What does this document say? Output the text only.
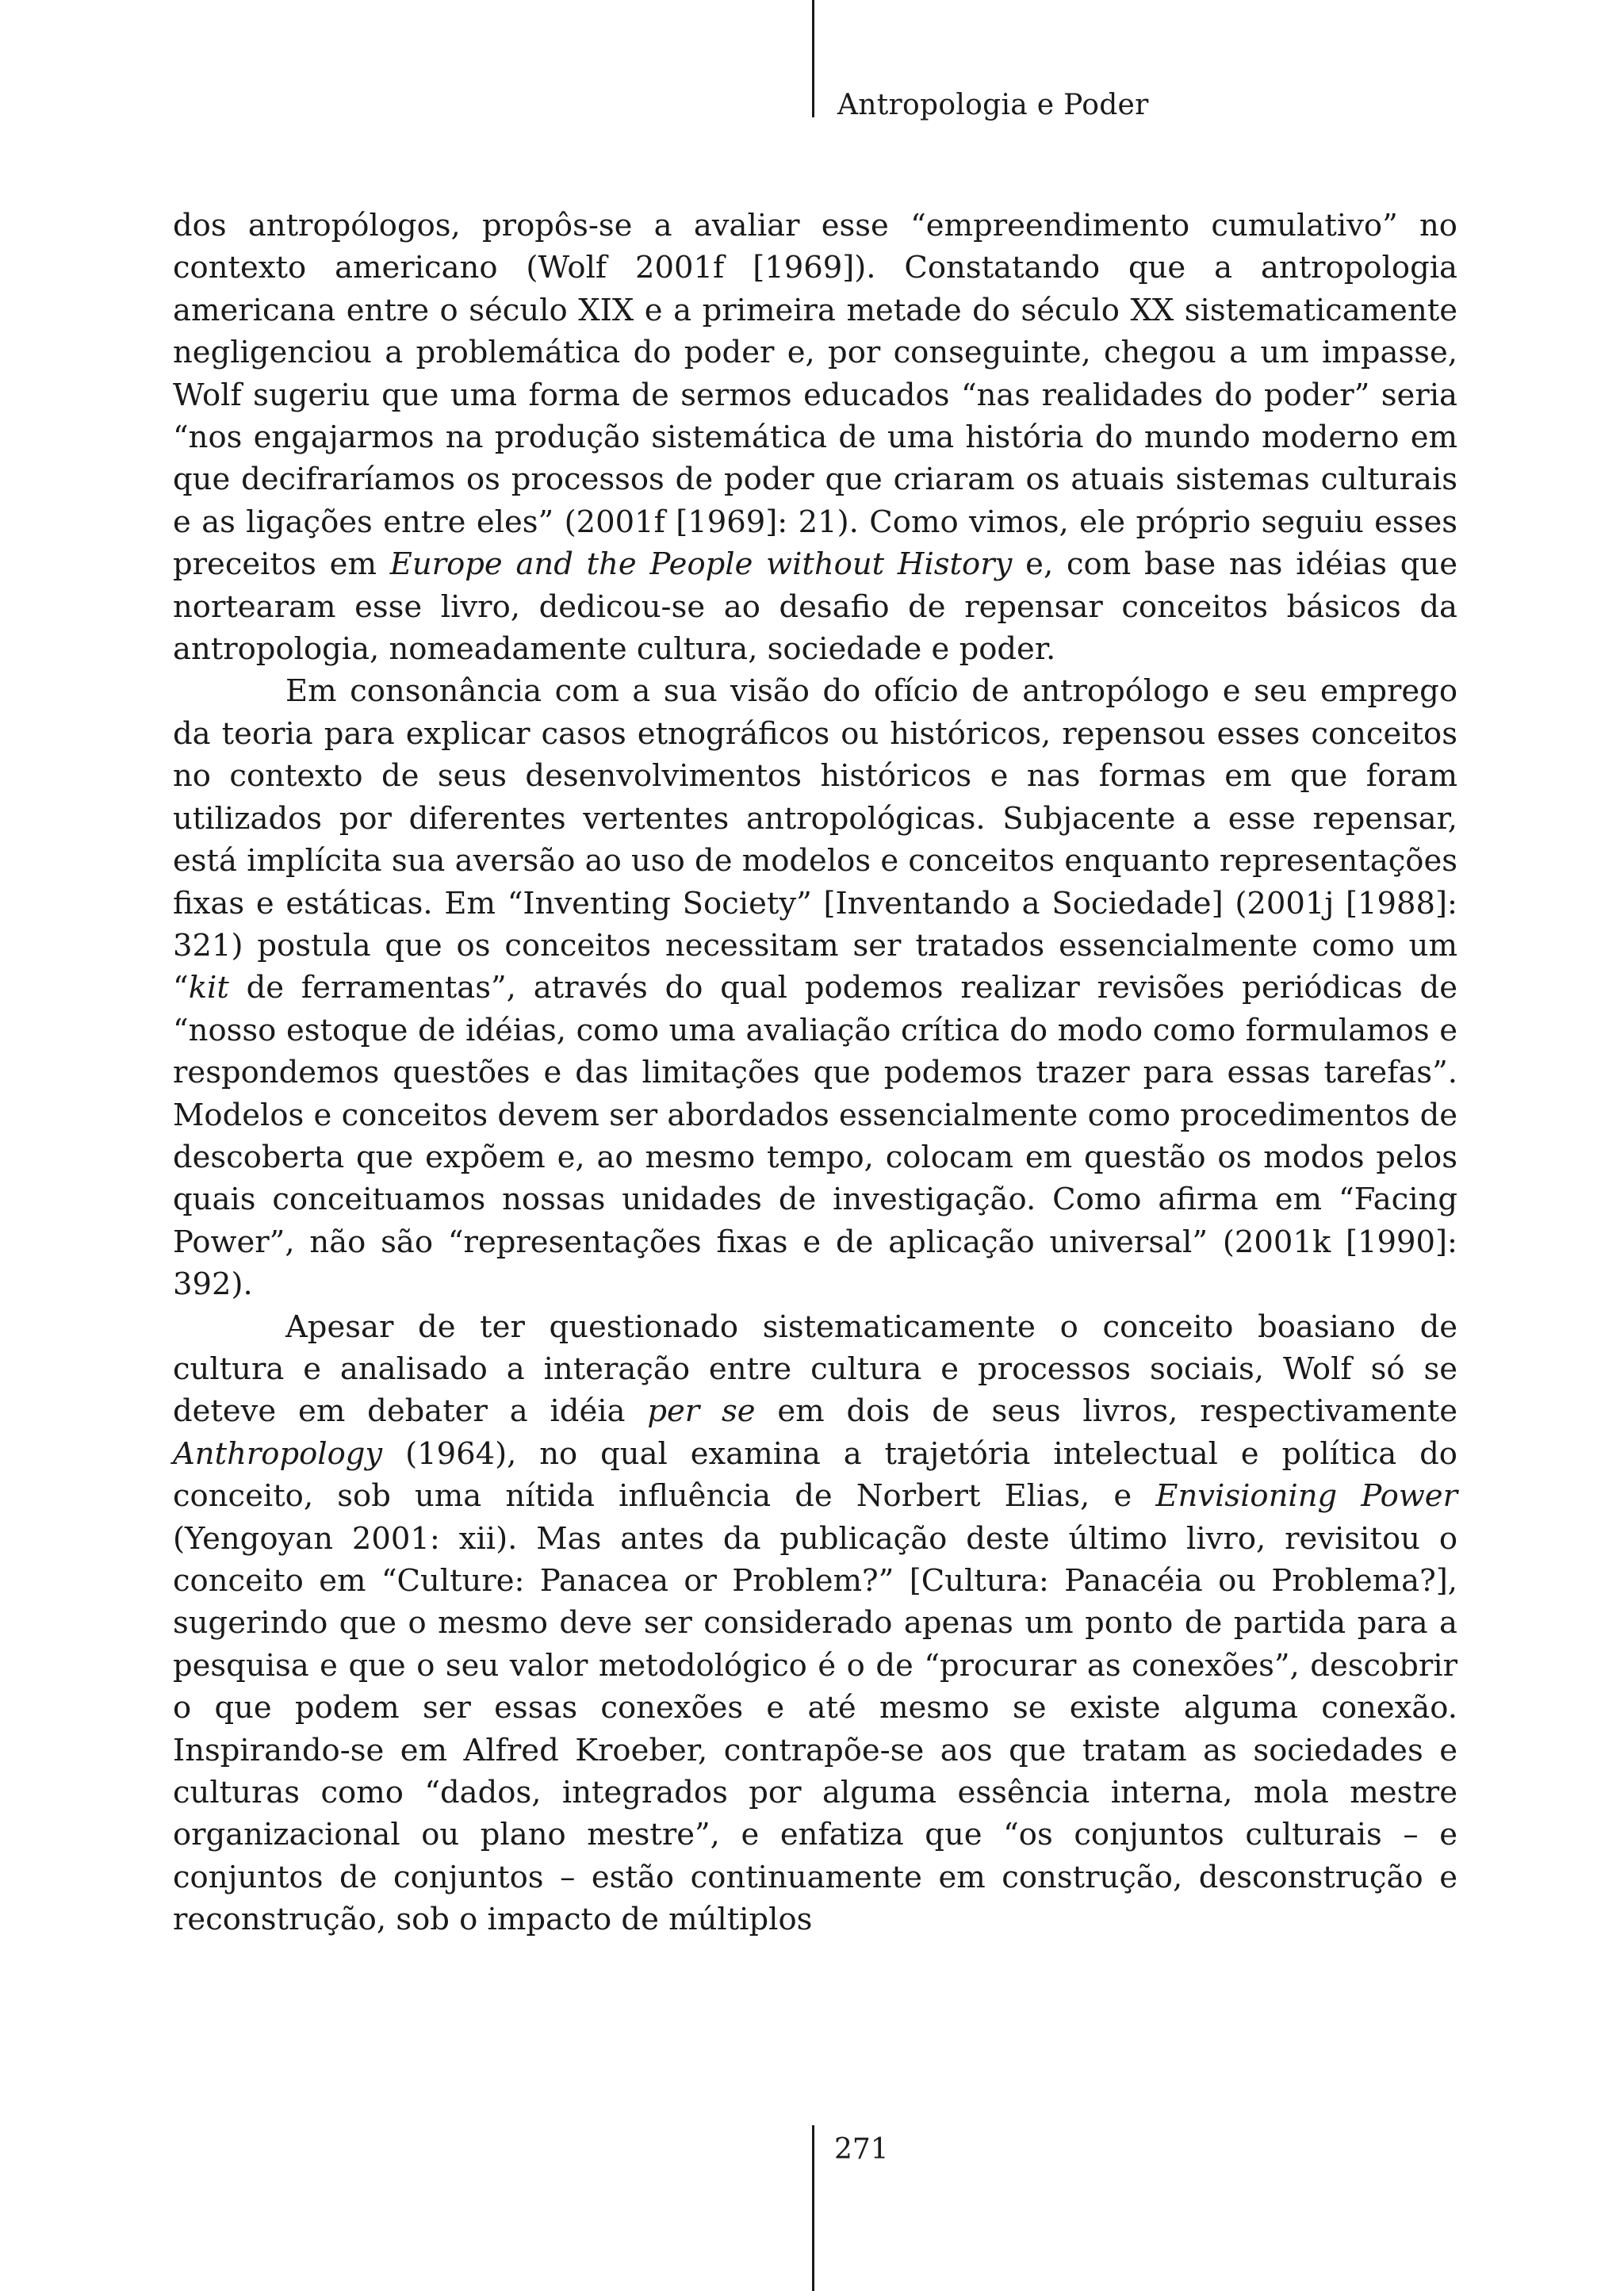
Antropologia e Poder

dos antropólogos, propôs-se a avaliar esse “empreendimento cumulativo” no contexto americano (Wolf 2001f [1969]). Constatando que a antropologia americana entre o século XIX e a primeira metade do século XX sistematicamente negligenciou a problemática do poder e, por conseguinte, chegou a um impasse, Wolf sugeriu que uma forma de sermos educados “nas realidades do poder” seria “nos engajarmos na produção sistemática de uma história do mundo moderno em que decifraríamos os processos de poder que criaram os atuais sistemas culturais e as ligações entre eles” (2001f [1969]: 21). Como vimos, ele próprio seguiu esses preceitos em Europe and the People without History e, com base nas idéias que nortearam esse livro, dedicou-se ao desafio de repensar conceitos básicos da antropologia, nomeadamente cultura, sociedade e poder.

Em consonância com a sua visão do ofício de antropólogo e seu emprego da teoria para explicar casos etnográficos ou históricos, repensou esses conceitos no contexto de seus desenvolvimentos históricos e nas formas em que foram utilizados por diferentes vertentes antropológicas. Subjacente a esse repensar, está implícita sua aversão ao uso de modelos e conceitos enquanto representações fixas e estáticas. Em “Inventing Society” [Inventando a Sociedade] (2001j [1988]: 321) postula que os conceitos necessitam ser tratados essencialmente como um “kit de ferramentas”, através do qual podemos realizar revisões periódicas de “nosso estoque de idéias, como uma avaliação crítica do modo como formulamos e respondemos questões e das limitações que podemos trazer para essas tarefas”. Modelos e conceitos devem ser abordados essencialmente como procedimentos de descoberta que expõem e, ao mesmo tempo, colocam em questão os modos pelos quais conceituamos nossas unidades de investigação. Como afirma em “Facing Power”, não são “representações fixas e de aplicação universal” (2001k [1990]: 392).

Apesar de ter questionado sistematicamente o conceito boasiano de cultura e analisado a interação entre cultura e processos sociais, Wolf só se deteve em debater a idéia per se em dois de seus livros, respectivamente Anthropology (1964), no qual examina a trajetória intelectual e política do conceito, sob uma nítida influência de Norbert Elias, e Envisioning Power (Yengoyan 2001: xii). Mas antes da publicação deste último livro, revisitou o conceito em “Culture: Panacea or Problem?” [Cultura: Panacéia ou Problema?], sugerindo que o mesmo deve ser considerado apenas um ponto de partida para a pesquisa e que o seu valor metodológico é o de “procurar as conexões”, descobrir o que podem ser essas conexões e até mesmo se existe alguma conexão. Inspirando-se em Alfred Kroeber, contrapõe-se aos que tratam as sociedades e culturas como “dados, integrados por alguma essência interna, mola mestre organizacional ou plano mestre”, e enfatiza que “os conjuntos culturais – e conjuntos de conjuntos – estão continuamente em construção, desconstrução e reconstrução, sob o impacto de múltiplos

271
